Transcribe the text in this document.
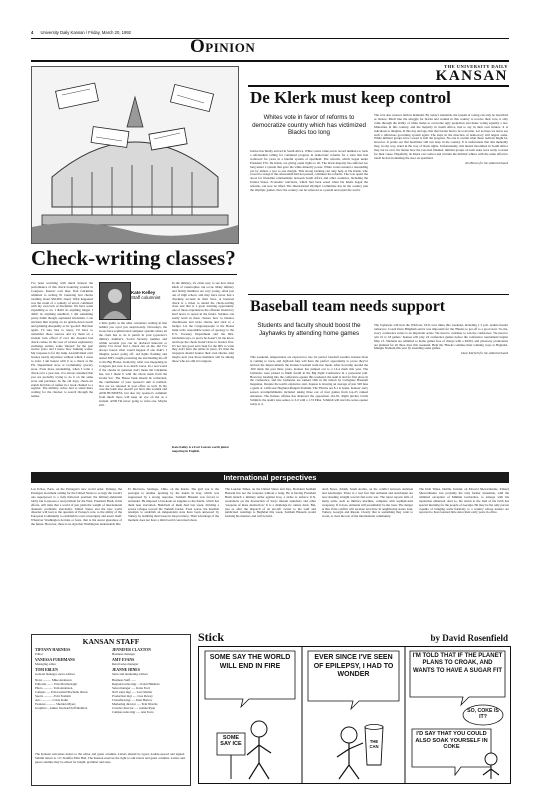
4 University Daily Kansan / Friday, March 20, 1992
Opinion
Check-writing classes?
I've been watching with much interest the performance of this check bouncing scandal in Congress. Kansas' own Rep. Dan Glickman admitted to writing 81 bouncing bad checks totalling about $36,000. Oops! What happened was the result of a comedy of errors combined with my own lack of discipline. We have some explaining to do. I didn't do anything illegal. I didn't do anything unethical. I did something pretty dumb though, explained Glickman. I can envision him staying on an upside-down beach and grinning sheepishly as he 'goofed'. But then again, I'd sure like to know. I'll have to remember those sources and try them on a student loan officer if ever the dreaded bad check comes. In the case of various explanatory exchange outlets, some 'interest' for the past twelve years and I know how banking works. My response is for my bank. An individual can't bounce nearly anywhere without which, I cease to exist. I am honest with it as a check at the PX. Department store or Community grocery store. Even more astonishing, when I write a check over a year late, it is always assumed that you are probably trying to do it on the same store and purchase. In the old days, check-cut stands had lists of names in a book chained to a register. The military writer had to stand there waiting for the checker to search through the names.
Kate Kelley
Staff columnist
a little guilty as the other customers waiting in line behind you eyed you suspiciously. Nowadays, the stores have sophisticated computer systems where all the clerk has to do is punch in your (operator's military number's, Social Security number and within seconds you can be declared innocent or guilty. I've never had a check run on me, but I've always feared what would happen if one didn't. I imagine poster going off, red lights flashing and armed MP's caught protesting me and hauling me off to the Big House. Ironically, what was happening in Congress just now is so much worse. In a real world if the checks in question don't mean the Glickman has, but I made it with the check mark from the Grand Sec. The House bank should be rechecked, the commander of your sponsor's unit is notified. Nor are we released in post office as well. In my case the bank also doesn't yet have this scandal and AND BUSINESS, but also my sponsor's comment from much more will keep an eye on me as a student. AND I'm never going to write one. Maybe still.
In the military, it's often easy to see how these kinds of catastrophes can occur. Many military and family members are very young, often just out of high school, and may have never had a checking account in their lives. A bounced check is a ticket to attend the check-writing class and that is a great learning opportunity, one of those experiences the offender should try hard never to repeat in the future. Soldiers can easily learn in these classes, how to balance checkbooks and write checks and stick to a budget. Let the Congresspeople at the House bank write responsible letters of apology to the U.S. Treasury Department and the IRS. Glickman says, to prove he doesn't, let me know and hope the check doesn't have to bounce first. It's not just good and clean for the IRS to write they don't have the tables in place, it's time the taxpayers should bounce their own checks. And maybe next year those members will be among those who are still in Congress.
Kate Kelley is a Fort Leaven worth junior majoring in English.
THE UNIVERSITY DAILY
KANSAN
De Klerk must keep control
Whites vote in favor of reforms to democratize country which has victimized Blacks too long
Justice has finally arrived in South Africa. White voters came out in record numbers to back a referendum calling for continued progress in democratic reforms for a state that had wallowed for years in a hateful system of apartheid. The reforms, which began under President F.W. De Klerk, are giving equal rights to all. The black majority has suffered too long under a system that gave the white minority power. White voters needed a resounding yes by almost a two to one margin. This strong backing can only help as De Klerk, who vowed to resign if the referendum had not passed, continues the reforms. The vote opens the doors for friendlier relationships between South Africa and other countries, including the United States. Economic sanctions, which had been eased when De Klerk began the reforms, can now be lifted. The International Olympic Committee has let the country join the Olympic games. Now the country can be removed as a pariah and rejoin the world.
The vote also restores faith in mankind. By today's standards, the system of voting can only be described as bizarre. Much like the struggle for blacks and women in this country to receive their vote, it only came through the ability of white males to overcome ugly prejudices and make voting equality a law. Minorities in this country, and the majority in South Africa, had to say in their own futures. It is ridiculous to imagine, in this day and age, that that barrier had to be overcome. Let us hope we never see such a ridiculous governing system again. The steps in the direction of democracy still angers some. White militant groups have vowed to halt the progress. No one is certain what those radicals might be, however. It points out that hostilities still run deep in the country. It is unfortunate that this mentality may, in any way, stand in the way of black rights. Unfortunately, this means bloodshed in South Africa may not be over. No matter how the vote had finished, militant groups on both sides were ready to stand for their cause. Hopefully, de Klerk can control and restrain the militant whites with the same effective touch he had in shutting the door on apartheid.
Jim Brown for the editorial board
Baseball team needs support
Students and faculty should boost the Jayhawks by attending home games
This weekend, temperatures are expected to rise for perfect baseball weather. Kansas State is coming to town, and Jayhawk fans will have the perfect opportunity to prove they've noticed the improvements the Kansas baseball team has made. After hovering around the .500 mark the past three years, Kansas has jumped out to a 14-4 mark this year. The Jayhawks were picked to finish fourth in the Big Eight Conference in a preseason poll. However, heading into the conference opener this weekend, the team is tied for first place in the conference, and the Jayhawks are ranked 16th in the nation by Collegiate Baseball magazine. Despite the team's explosive start, Kansas is drawing an average of just 328 fans a game at 1,200-seat Hoglund-Maupin Stadium. The 'Hawks are 8-1 at home. Kansas' early season accomplishments included taking three out of four games from top-25 ranked Arkansas. The Kansas offense has shattered the opposition 161-81. Right pitcher Curtis Schmidt, the team's lone senior, is 3-0 with a 1.74 ERA. Schmidt will start the series opener today at 4.
The Jayhawks will host the Wildcats, 18-8, four times this weekend, including a 3 p.m. double header tomorrow. Coach Dave Bingham said it was important for the 'Hawks to get off to a good start. 'To me, every conference series is an important series. We need to continue to win the conference. We need to win 16 to 18 games.' Kansas will play 24 conference games before the conference tournament begins May 13. Students are admitted to home games free of charge with a KUID, and giveaway promotions are planned for all three days this weekend. Help the 'Hawks continue their winning ways at Hoglund-Maupin Stadium this year by attending some games.
Dave Kitchell for the editorial board
International perspectives
Los Echos, Paris, on the Pentagon's new world order. Perhaps, the Pentagon document calling for the United States to occupy the world's one superpower is a truly hallowed position; the military-industrial lobby but it exposes a real problem for the West. President Bush, in his efforts, still risks that a world of just plain the weight of international domestic problems. Inevitably, United States and the new world disorder will lead to the question of Europe's role, to the ability of the European Community to establish its own sovereignty and assert itself. Whatever Washington decides or fears, that is the surest guarantee of the future. However, there is no sign that Washington understands this.
El Mercurio, Santiago, Chile, on the Kurds. The gulf war is the prologue to another uprising by the Kurds in Iraq, which was suppressed by a strong response. Saddam Hussein was forced to surrender. He imposed a blockade on supplies to the Kurds, which has them near starvation. Hundreds of them died last week, dividing a severe refugee toward the Turkish border. Even worse, the Kurdish attempts to establish an independent state have been answered by Turkey by bombing their bases in Iraqi territory. Their advantage of the moment does not have a timid world concerned about.
The London Times, on the United States and Iraq. President Saddam Hussein has not the weapons without a bang. He is having President Bush launch a military strike against Iraq, a strike to enforce U.N. resolutions on the destruction of Iraq's missile launchers and other 'weapons of mass destruction.' It is a challenge he cannot duck. But, just as after the dispatch of an aircraft carrier to the Gulf and publicized warnings to Baghdad this week, Saddam Hussein would backing his mentors and will be held.
Arab News, Jiddah, Saudi Arabia, on the conflict between Armenia and Azerbaijan. There is a real fear that Armenia and Azerbaijan are now heading straight toward full-scale war. The latest reports tells of many arms, such as military machine, complete with sophisticated weaponry. If it does, Armenia will presumably be the loser. The danger is that if the conflict will escalate and draw in neighboring states, Iran, Turkey, Georgia and Russia. Clearly that is something they want to avoid, as does the rest of the international community.
The Irish Times, Dublin, Ireland, on Edward Shevardnadze. Eduard Shevardnadze was probably the only former statesman, with the admitted exception of Mikhail Gorbachev, to emerge with his reputation enhanced. And so, his return to the land of his birth has special meaning for the people of Georgia. He may be the only person capable of bringing some harmony to a country whose leaders are reported to have learned little since their early years in office.
KANSAN STAFF
TIFFANY HARNESS
Editor
VANESSA FURHMANS
Managing editor
TOM EBLEN
General manager, news adviser
News .......... Mike Anderson
Editorial ........ Erin Mcellecnagh
Photo ............ Tom Anderson
Campus ..... Erin Grebell/Rochelle Olson
Sports ............ Erin Feeham
Arts ............. Cristy Kahn
Features ........... Sheldon Myers
Graphics .. Aimee Stockard/Jeff Melnick
JENNIFER CLAXTON
Business manager
AMY EVANS
Retail sales manager
JEANNE HINES
Sales and marketing adviser
Business Staff ......
Regional sales mgr ... Kristi Hinshaw
Sales manager ..... Katie Ford
Nat'l sales mgr ..... Lara Shatter
Production mgr ..... Lisa Dewey
Classified mgr ..... Kim Harlow
Marketing director ..... Erin Wesche
Creative director ..... Jeanne Ryan
Campus sales mgr ..... Ana Torre
The Kansan welcomes letters to the editor and guest columns. Letters should be typed, double-spaced and signed. Submit letters to 111 Stauffer-Flint Hall. The Kansan reserves the right to edit letters and guest columns. Letters and guest columns may be edited for length, grammar and taste.
Stick	by David Rosenfield
SOME SAY THE WORLD WILL END IN FIRE
SOME SAY ICE
EVER SINCE I'VE SEEN OF EPILEPSY, I HAD TO WONDER
THE CAN
I'M TOLD THAT IF THE PLANET PLANS TO CROAK, AND WANTS TO HAVE A SUGAR FIT
SO, COKE IS IT?
I'D SAY THAT YOU COULD ALSO SOAK YOURSELF IN COKE
